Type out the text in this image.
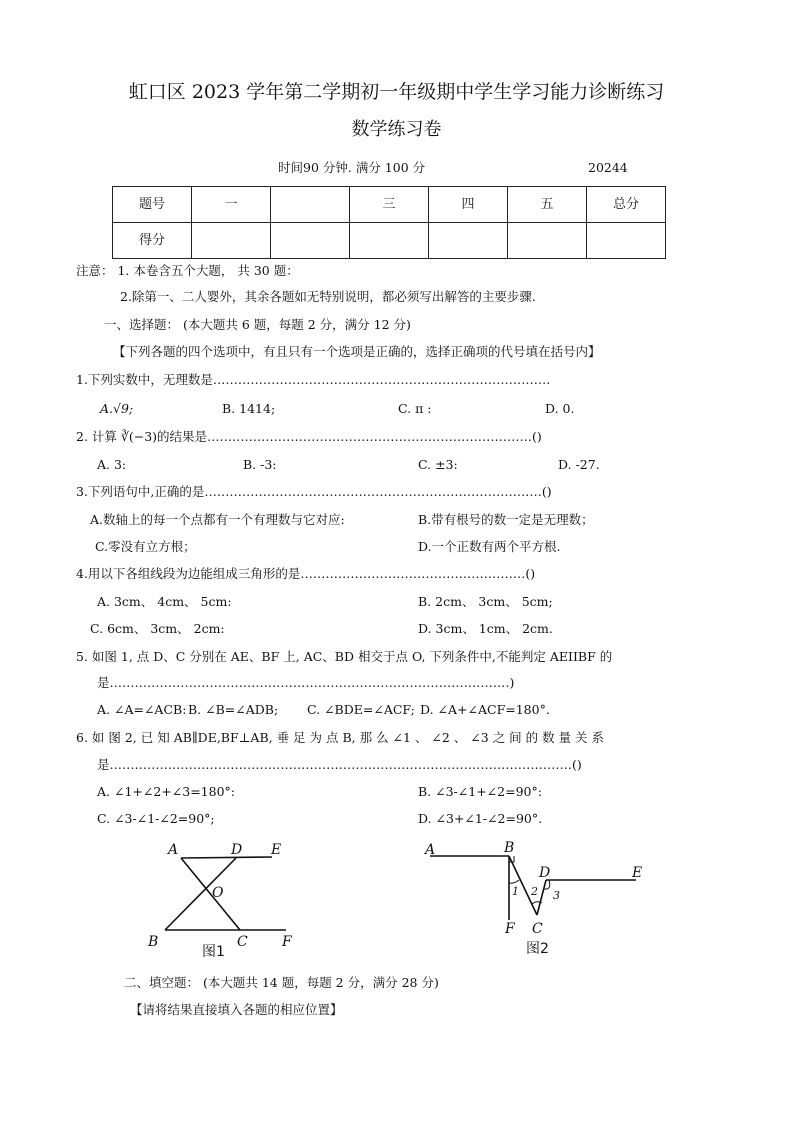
虹口区 2023 学年第二学期初一年级期中学生学习能力诊断练习
数学练习卷
时间90 分钟. 满分 100 分	20244
题号	一		三	四	五	总分
得分						
注意： 1. 本卷含五个大题， 共 30 题：
2.除第一、二人婴外，其余各题如无特别说明，都必须写出解答的主要步骤.
一、选择题： (本大题共 6 题，每题 2 分，满分 12 分)
【下列各题的四个选项中，有且只有一个选项是正确的，选择正确项的代号填在括号内】
1.下列实数中，无理数是………………………………………………………………………
A.√9;	B. 1414;	C. π :	D. 0.
2. 计算 ∛(−3)的结果是……………………………………………………………………()
A. 3:	B. -3:	C. ±3:	D. -27.
3.下列语句中,正确的是………………………………………………………………………()
A.数轴上的每一个点都有一个有理数与它对应:	B.带有根号的数一定是无理数；
C.零没有立方根；	D.一个正数有两个平方根.
4.用以下各组线段为边能组成三角形的是………………………………………………()
A. 3cm、 4cm、 5cm:	B. 2cm、 3cm、 5cm;
C. 6cm、 3cm、 2cm:	D. 3cm、 1cm、 2cm.
5. 如图 1, 点 D、C 分别在 AE、BF 上, AC、BD 相交于点 O, 下列条件中,不能判定 AEIIBF 的
是……………………………………………………………………………………)
A. ∠A=∠ACB: B. ∠B=∠ADB; C. ∠BDE=∠ACF; D. ∠A+∠ACF=180°.
6. 如 图 2, 已 知 AB∥DE,BF⊥AB, 垂 足 为 点 B, 那 么 ∠1 、 ∠2 、 ∠3 之 间 的 数 量 关 系
是…………………………………………………………………………………………………()
A. ∠1+∠2+∠3=180°:	B. ∠3-∠1+∠2=90°:
C. ∠3-∠1-∠2=90°;	D. ∠3+∠1-∠2=90°.
A	D E
O
B	C F
图1
A	B
D	E
1 2 3
F C
图2
二、填空题： (本大题共 14 题，每题 2 分，满分 28 分)
【请将结果直接填入各题的相应位置】
